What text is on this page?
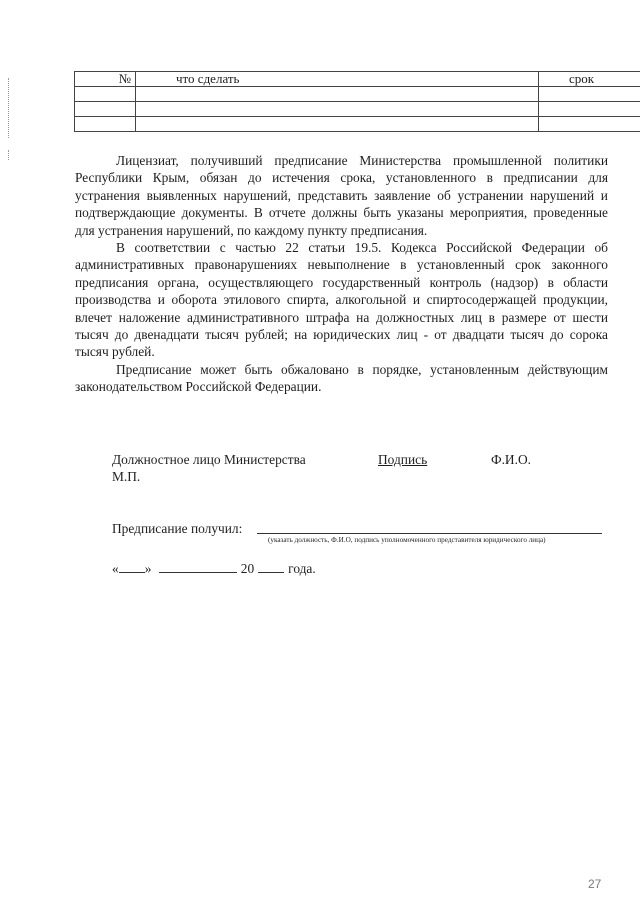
№	что сделать	срок

Лицензиат, получивший предписание Министерства промышленной политики Республики Крым, обязан до истечения срока, установленного в предписании для устранения выявленных нарушений, представить заявление об устранении нарушений и подтверждающие документы. В отчете должны быть указаны мероприятия, проведенные для устранения нарушений, по каждому пункту предписания.

В соответствии с частью 22 статьи 19.5. Кодекса Российской Федерации об административных правонарушениях невыполнение в установленный срок законного предписания органа, осуществляющего государственный контроль (надзор) в области производства и оборота этилового спирта, алкогольной и спиртосодержащей продукции, влечет наложение административного штрафа на должностных лиц в размере от шести тысяч до двенадцати тысяч рублей; на юридических лиц - от двадцати тысяч до сорока тысяч рублей.

Предписание может быть обжаловано в порядке, установленным действующим законодательством Российской Федерации.

Должностное лицо Министерства
М.П.
Подпись	Ф.И.О.
Предписание получил:
(указать должность, Ф.И.О, подпись уполномоченного представителя юридического лица)
« »	20	года.
27
